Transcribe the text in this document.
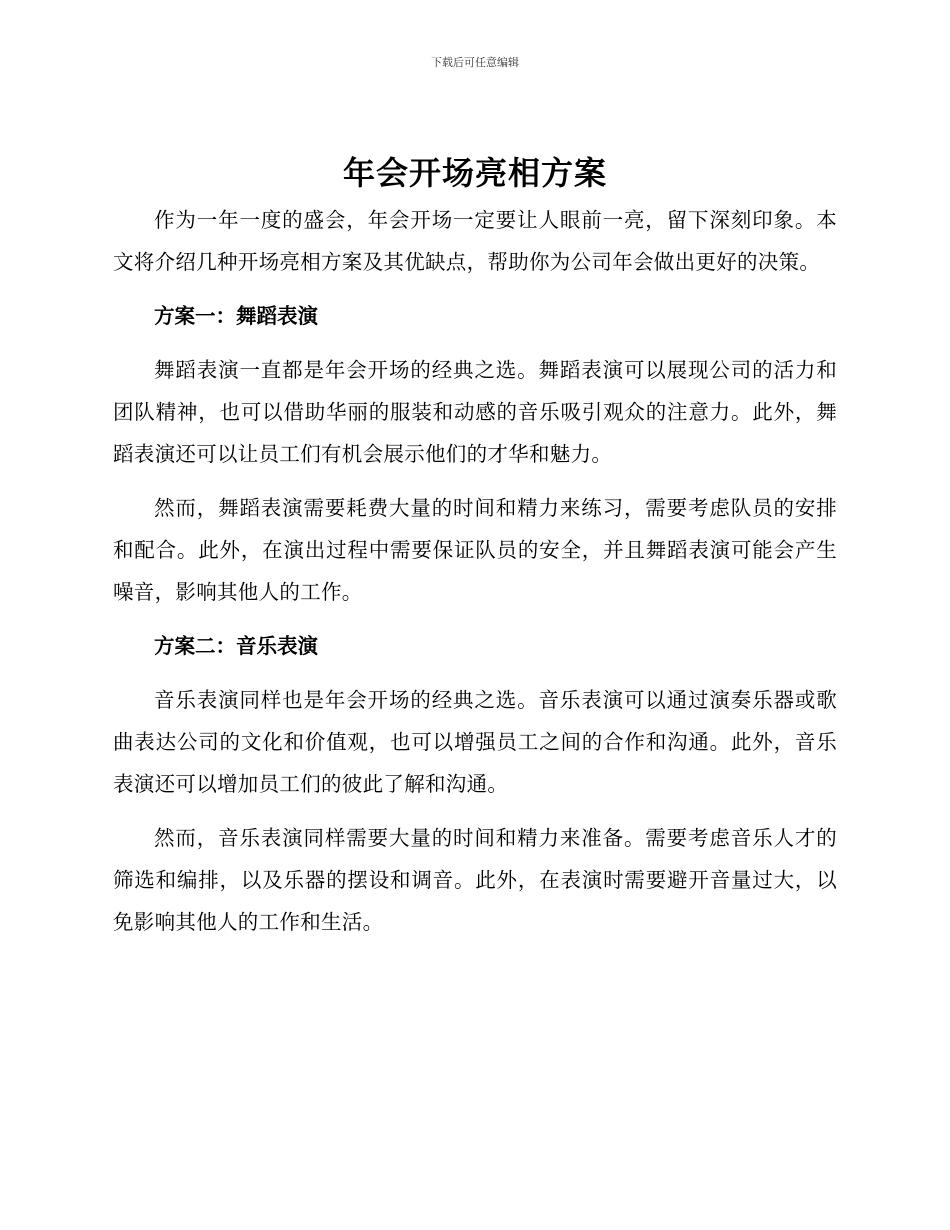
下载后可任意编辑
年会开场亮相方案

作为一年一度的盛会，年会开场一定要让人眼前一亮，留下深刻印象。本文将介绍几种开场亮相方案及其优缺点，帮助你为公司年会做出更好的决策。

方案一：舞蹈表演

舞蹈表演一直都是年会开场的经典之选。舞蹈表演可以展现公司的活力和团队精神，也可以借助华丽的服装和动感的音乐吸引观众的注意力。此外，舞蹈表演还可以让员工们有机会展示他们的才华和魅力。

然而，舞蹈表演需要耗费大量的时间和精力来练习，需要考虑队员的安排和配合。此外，在演出过程中需要保证队员的安全，并且舞蹈表演可能会产生噪音，影响其他人的工作。

方案二：音乐表演

音乐表演同样也是年会开场的经典之选。音乐表演可以通过演奏乐器或歌曲表达公司的文化和价值观，也可以增强员工之间的合作和沟通。此外，音乐表演还可以增加员工们的彼此了解和沟通。

然而，音乐表演同样需要大量的时间和精力来准备。需要考虑音乐人才的筛选和编排，以及乐器的摆设和调音。此外，在表演时需要避开音量过大，以免影响其他人的工作和生活。
